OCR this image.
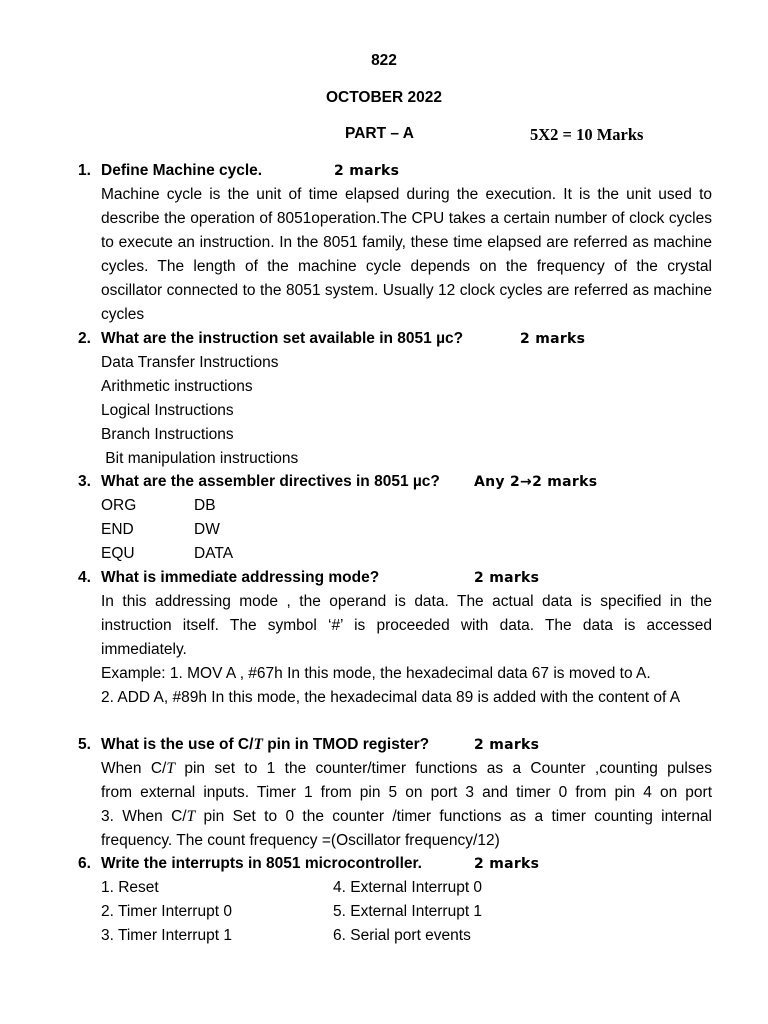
822
OCTOBER 2022
PART – A	5X2 = 10 Marks
1. Define Machine cycle.	2 marks
Machine cycle is the unit of time elapsed during the execution. It is the unit used to describe the operation of 8051operation.The CPU takes a certain number of clock cycles to execute an instruction. In the 8051 family, these time elapsed are referred as machine cycles. The length of the machine cycle depends on the frequency of the crystal oscillator connected to the 8051 system. Usually 12 clock cycles are referred as machine cycles
2. What are the instruction set available in 8051 µc?	2 marks
Data Transfer Instructions
Arithmetic instructions
Logical Instructions
Branch Instructions
Bit manipulation instructions
3. What are the assembler directives in 8051 µc? Any 2→2 marks
ORG	DB
END	DW
EQU	DATA
4. What is immediate addressing mode?	2 marks
In this addressing mode , the operand is data. The actual data is specified in the instruction itself. The symbol ‘#’ is proceeded with data. The data is accessed immediately.
Example: 1. MOV A , #67h In this mode, the hexadecimal data 67 is moved to A.
2. ADD A, #89h In this mode, the hexadecimal data 89 is added with the content of A
5. What is the use of C/T pin in TMOD register?	2 marks
When C/T pin set to 1 the counter/timer functions as a Counter ,counting pulses
from external inputs. Timer 1 from pin 5 on port 3 and timer 0 from pin 4 on port
3. When C/T pin Set to 0 the counter /timer functions as a timer counting internal
frequency. The count frequency =(Oscillator frequency/12)
6. Write the interrupts in 8051 microcontroller.	2 marks
1. Reset	4. External Interrupt 0
2. Timer Interrupt 0	5. External Interrupt 1
3. Timer Interrupt 1	6. Serial port events
